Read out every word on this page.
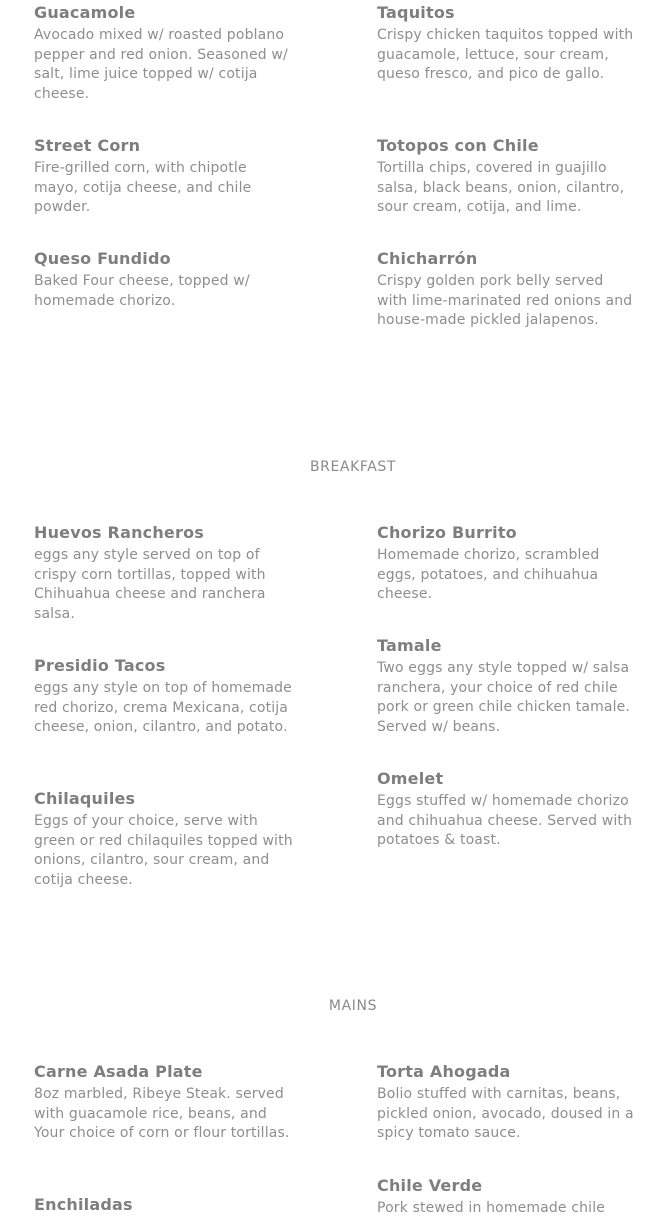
Guacamole
Avocado mixed w/ roasted poblano pepper and red onion. Seasoned w/ salt, lime juice topped w/ cotija cheese.
Street Corn
Fire-grilled corn, with chipotle mayo, cotija cheese, and chile powder.
Queso Fundido
Baked Four cheese, topped w/ homemade chorizo.
Taquitos
Crispy chicken taquitos topped with guacamole, lettuce, sour cream, queso fresco, and pico de gallo.
Totopos con Chile
Tortilla chips, covered in guajillo salsa, black beans, onion, cilantro, sour cream, cotija, and lime.
Chicharrón
Crispy golden pork belly served with lime-marinated red onions and house-made pickled jalapenos.
BREAKFAST
Huevos Rancheros
eggs any style served on top of crispy corn tortillas, topped with Chihuahua cheese and ranchera salsa.
Presidio Tacos
eggs any style on top of homemade red chorizo, crema Mexicana, cotija cheese, onion, cilantro, and potato.
Chilaquiles
Eggs of your choice, serve with green or red chilaquiles topped with onions, cilantro, sour cream, and cotija cheese.
Chorizo Burrito
Homemade chorizo, scrambled eggs, potatoes, and chihuahua cheese.
Tamale
Two eggs any style topped w/ salsa ranchera, your choice of red chile pork or green chile chicken tamale. Served w/ beans.
Omelet
Eggs stuffed w/ homemade chorizo and chihuahua cheese. Served with potatoes & toast.
MAINS
Carne Asada Plate
8oz marbled, Ribeye Steak. served with guacamole rice, beans, and Your choice of corn or flour tortillas.
Enchiladas
Torta Ahogada
Bolio stuffed with carnitas, beans, pickled onion, avocado, doused in a spicy tomato sauce.
Chile Verde
Pork stewed in homemade chile
